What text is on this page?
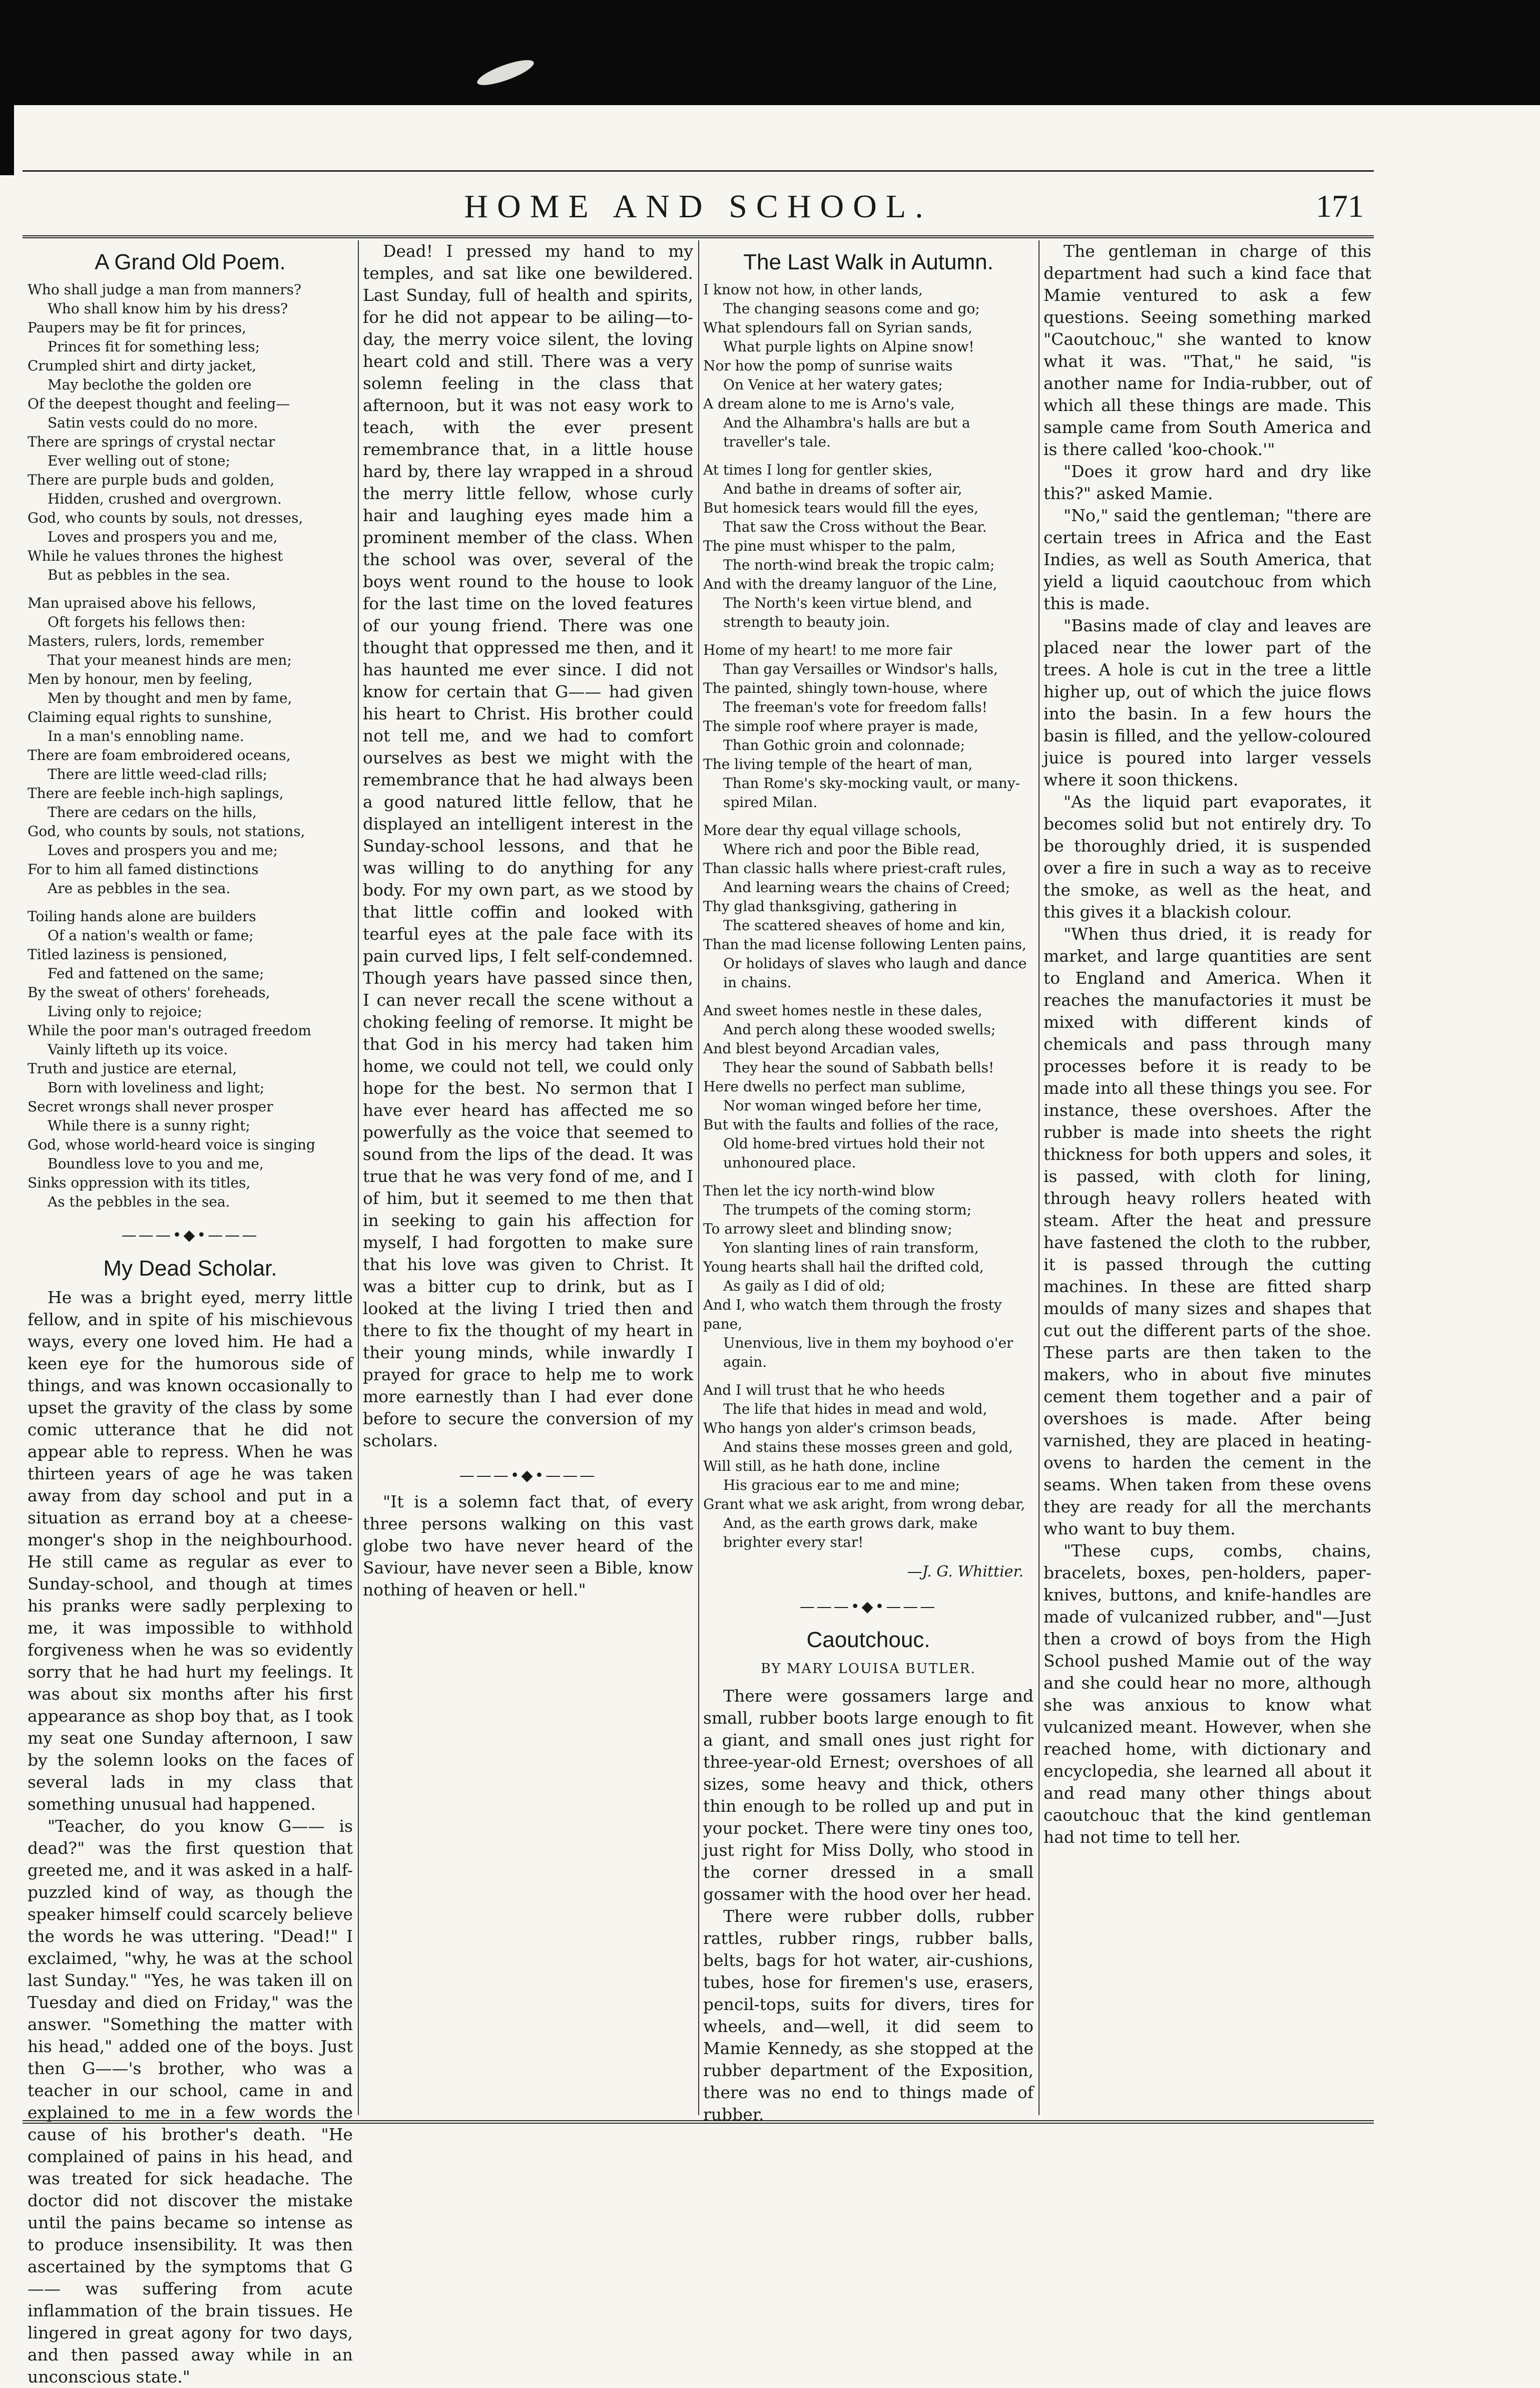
HOME AND SCHOOL.	171
A Grand Old Poem.

Who shall judge a man from manners?

Who shall know him by his dress?

Paupers may be fit for princes,

Princes fit for something less;

Crumpled shirt and dirty jacket,

May beclothe the golden ore

Of the deepest thought and feeling—

Satin vests could do no more.

There are springs of crystal nectar

Ever welling out of stone;

There are purple buds and golden,

Hidden, crushed and overgrown.

God, who counts by souls, not dresses,

Loves and prospers you and me,

While he values thrones the highest

But as pebbles in the sea.

Man upraised above his fellows,

Oft forgets his fellows then:

Masters, rulers, lords, remember

That your meanest hinds are men;

Men by honour, men by feeling,

Men by thought and men by fame,

Claiming equal rights to sunshine,

In a man's ennobling name.

There are foam embroidered oceans,

There are little weed-clad rills;

There are feeble inch-high saplings,

There are cedars on the hills,

God, who counts by souls, not stations,

Loves and prospers you and me;

For to him all famed distinctions

Are as pebbles in the sea.

Toiling hands alone are builders

Of a nation's wealth or fame;

Titled laziness is pensioned,

Fed and fattened on the same;

By the sweat of others' foreheads,

Living only to rejoice;

While the poor man's outraged freedom

Vainly lifteth up its voice.

Truth and justice are eternal,

Born with loveliness and light;

Secret wrongs shall never prosper

While there is a sunny right;

God, whose world-heard voice is singing

Boundless love to you and me,

Sinks oppression with its titles,

As the pebbles in the sea.

———•◆•———
My Dead Scholar.

He was a bright eyed, merry little fellow, and in spite of his mischievous ways, every one loved him. He had a keen eye for the humorous side of things, and was known occasionally to upset the gravity of the class by some comic utterance that he did not appear able to repress. When he was thirteen years of age he was taken away from day school and put in a situation as errand boy at a cheese-monger's shop in the neighbourhood. He still came as regular as ever to Sunday-school, and though at times his pranks were sadly perplexing to me, it was impossible to withhold forgiveness when he was so evidently sorry that he had hurt my feelings. It was about six months after his first appearance as shop boy that, as I took my seat one Sunday afternoon, I saw by the solemn looks on the faces of several lads in my class that something unusual had happened.

"Teacher, do you know G—— is dead?" was the first question that greeted me, and it was asked in a half-puzzled kind of way, as though the speaker himself could scarcely believe the words he was uttering. "Dead!" I exclaimed, "why, he was at the school last Sunday." "Yes, he was taken ill on Tuesday and died on Friday," was the answer. "Something the matter with his head," added one of the boys. Just then G——'s brother, who was a teacher in our school, came in and explained to me in a few words the cause of his brother's death. "He complained of pains in his head, and was treated for sick headache. The doctor did not discover the mistake until the pains became so intense as to produce insensibility. It was then ascertained by the symptoms that G—— was suffering from acute inflammation of the brain tissues. He lingered in great agony for two days, and then passed away while in an unconscious state."

Dead! I pressed my hand to my temples, and sat like one bewildered. Last Sunday, full of health and spirits, for he did not appear to be ailing—to-day, the merry voice silent, the loving heart cold and still. There was a very solemn feeling in the class that afternoon, but it was not easy work to teach, with the ever present remembrance that, in a little house hard by, there lay wrapped in a shroud the merry little fellow, whose curly hair and laughing eyes made him a prominent member of the class. When the school was over, several of the boys went round to the house to look for the last time on the loved features of our young friend. There was one thought that oppressed me then, and it has haunted me ever since. I did not know for certain that G—— had given his heart to Christ. His brother could not tell me, and we had to comfort ourselves as best we might with the remembrance that he had always been a good natured little fellow, that he displayed an intelligent interest in the Sunday-school lessons, and that he was willing to do anything for any body. For my own part, as we stood by that little coffin and looked with tearful eyes at the pale face with its pain curved lips, I felt self-condemned. Though years have passed since then, I can never recall the scene without a choking feeling of remorse. It might be that God in his mercy had taken him home, we could not tell, we could only hope for the best. No sermon that I have ever heard has affected me so powerfully as the voice that seemed to sound from the lips of the dead. It was true that he was very fond of me, and I of him, but it seemed to me then that in seeking to gain his affection for myself, I had forgotten to make sure that his love was given to Christ. It was a bitter cup to drink, but as I looked at the living I tried then and there to fix the thought of my heart in their young minds, while inwardly I prayed for grace to help me to work more earnestly than I had ever done before to secure the conversion of my scholars.

———•◆•———

"It is a solemn fact that, of every three persons walking on this vast globe two have never heard of the Saviour, have never seen a Bible, know nothing of heaven or hell."

The Last Walk in Autumn.

I know not how, in other lands,

The changing seasons come and go;

What splendours fall on Syrian sands,

What purple lights on Alpine snow!

Nor how the pomp of sunrise waits

On Venice at her watery gates;

A dream alone to me is Arno's vale,

And the Alhambra's halls are but a traveller's tale.

At times I long for gentler skies,

And bathe in dreams of softer air,

But homesick tears would fill the eyes,

That saw the Cross without the Bear.

The pine must whisper to the palm,

The north-wind break the tropic calm;

And with the dreamy languor of the Line,

The North's keen virtue blend, and strength to beauty join.

Home of my heart! to me more fair

Than gay Versailles or Windsor's halls,

The painted, shingly town-house, where

The freeman's vote for freedom falls!

The simple roof where prayer is made,

Than Gothic groin and colonnade;

The living temple of the heart of man,

Than Rome's sky-mocking vault, or many-spired Milan.

More dear thy equal village schools,

Where rich and poor the Bible read,

Than classic halls where priest-craft rules,

And learning wears the chains of Creed;

Thy glad thanksgiving, gathering in

The scattered sheaves of home and kin,

Than the mad license following Lenten pains,

Or holidays of slaves who laugh and dance in chains.

And sweet homes nestle in these dales,

And perch along these wooded swells;

And blest beyond Arcadian vales,

They hear the sound of Sabbath bells!

Here dwells no perfect man sublime,

Nor woman winged before her time,

But with the faults and follies of the race,

Old home-bred virtues hold their not unhonoured place.

Then let the icy north-wind blow

The trumpets of the coming storm;

To arrowy sleet and blinding snow;

Yon slanting lines of rain transform,

Young hearts shall hail the drifted cold,

As gaily as I did of old;

And I, who watch them through the frosty pane,

Unenvious, live in them my boyhood o'er again.

And I will trust that he who heeds

The life that hides in mead and wold,

Who hangs yon alder's crimson beads,

And stains these mosses green and gold,

Will still, as he hath done, incline

His gracious ear to me and mine;

Grant what we ask aright, from wrong debar,

And, as the earth grows dark, make brighter every star!

—J. G. Whittier.
———•◆•———
Caoutchouc.
BY MARY LOUISA BUTLER.

There were gossamers large and small, rubber boots large enough to fit a giant, and small ones just right for three-year-old Ernest; overshoes of all sizes, some heavy and thick, others thin enough to be rolled up and put in your pocket. There were tiny ones too, just right for Miss Dolly, who stood in the corner dressed in a small gossamer with the hood over her head.

There were rubber dolls, rubber rattles, rubber rings, rubber balls, belts, bags for hot water, air-cushions, tubes, hose for firemen's use, erasers, pencil-tops, suits for divers, tires for wheels, and—well, it did seem to Mamie Kennedy, as she stopped at the rubber department of the Exposition, there was no end to things made of rubber.

The gentleman in charge of this department had such a kind face that Mamie ventured to ask a few questions. Seeing something marked "Caoutchouc," she wanted to know what it was. "That," he said, "is another name for India-rubber, out of which all these things are made. This sample came from South America and is there called 'koo-chook.'"

"Does it grow hard and dry like this?" asked Mamie.

"No," said the gentleman; "there are certain trees in Africa and the East Indies, as well as South America, that yield a liquid caoutchouc from which this is made.

"Basins made of clay and leaves are placed near the lower part of the trees. A hole is cut in the tree a little higher up, out of which the juice flows into the basin. In a few hours the basin is filled, and the yellow-coloured juice is poured into larger vessels where it soon thickens.

"As the liquid part evaporates, it becomes solid but not entirely dry. To be thoroughly dried, it is suspended over a fire in such a way as to receive the smoke, as well as the heat, and this gives it a blackish colour.

"When thus dried, it is ready for market, and large quantities are sent to England and America. When it reaches the manufactories it must be mixed with different kinds of chemicals and pass through many processes before it is ready to be made into all these things you see. For instance, these overshoes. After the rubber is made into sheets the right thickness for both uppers and soles, it is passed, with cloth for lining, through heavy rollers heated with steam. After the heat and pressure have fastened the cloth to the rubber, it is passed through the cutting machines. In these are fitted sharp moulds of many sizes and shapes that cut out the different parts of the shoe. These parts are then taken to the makers, who in about five minutes cement them together and a pair of overshoes is made. After being varnished, they are placed in heating-ovens to harden the cement in the seams. When taken from these ovens they are ready for all the merchants who want to buy them.

"These cups, combs, chains, bracelets, boxes, pen-holders, paper-knives, buttons, and knife-handles are made of vulcanized rubber, and"—Just then a crowd of boys from the High School pushed Mamie out of the way and she could hear no more, although she was anxious to know what vulcanized meant. However, when she reached home, with dictionary and encyclopedia, she learned all about it and read many other things about caoutchouc that the kind gentleman had not time to tell her.
